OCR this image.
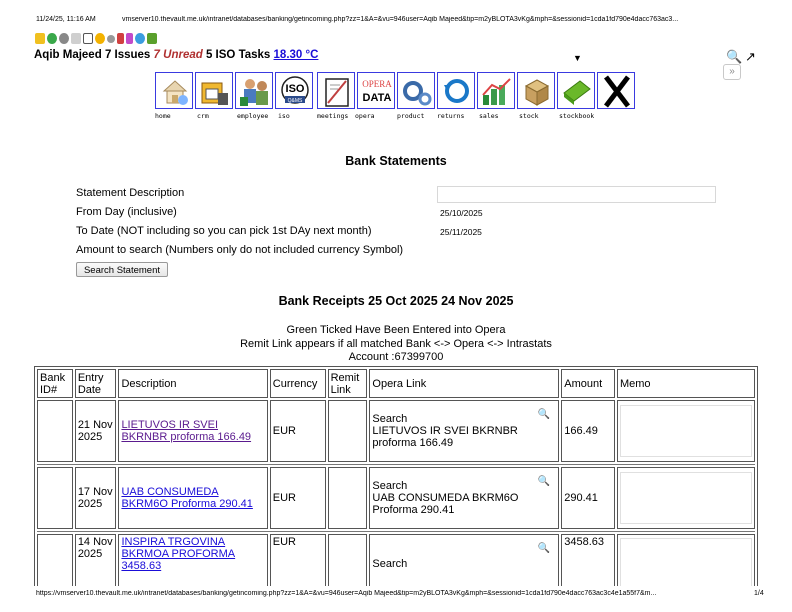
11/24/25, 11:16 AM	vmserver10.thevault.me.uk/intranet/databases/banking/getincoming.php?zz=1&A=&vu=946user=Aqib Majeed&tip=m2yBLOTA3vKg&mph=&sessionid=1cda1fd790e4dacc763ac3...
Aqib Majeed 7 Issues 7 Unread 5 ISO Tasks 18.30 °C	▼	🔍 ↗
»
ISO
Q&MS
OPERA
DATA
home	crm	employee iso	meetings opera	product returns sales	stock	stockbook
Bank Statements
Statement Description
From Day (inclusive)	25/10/2025
To Date (NOT including so you can pick 1st DAy next month)	25/11/2025
Amount to search (Numbers only do not included currency Symbol)
Search Statement
Bank Receipts 25 Oct 2025 24 Nov 2025
Green Ticked Have Been Entered into Opera
Remit Link appears if all matched Bank <-> Opera <-> Intrastats
Account :67399700
Bank ID#	Entry Date	Description	Currency	Remit Link	Opera Link	Amount	Memo
	21 Nov 2025	LIETUVOS IR SVEI BKRNBR proforma 166.49	EUR		Search
LIETUVOS IR SVEI BKRNBR proforma 166.49
🔍	166.49	

	17 Nov 2025	UAB CONSUMEDA BKRM6O Proforma 290.41	EUR		Search
UAB CONSUMEDA BKRM6O Proforma 290.41
🔍	290.41	

	14 Nov 2025	INSPIRA TRGOVINA BKRMOA PROFORMA 3458.63	EUR		Search
🔍	3458.63	
https://vmserver10.thevault.me.uk/intranet/databases/banking/getincoming.php?zz=1&A=&vu=946user=Aqib Majeed&tip=m2yBLOTA3vKg&mph=&sessionid=1cda1fd790e4dacc763ac3c4e1a55f7&m...	1/4
